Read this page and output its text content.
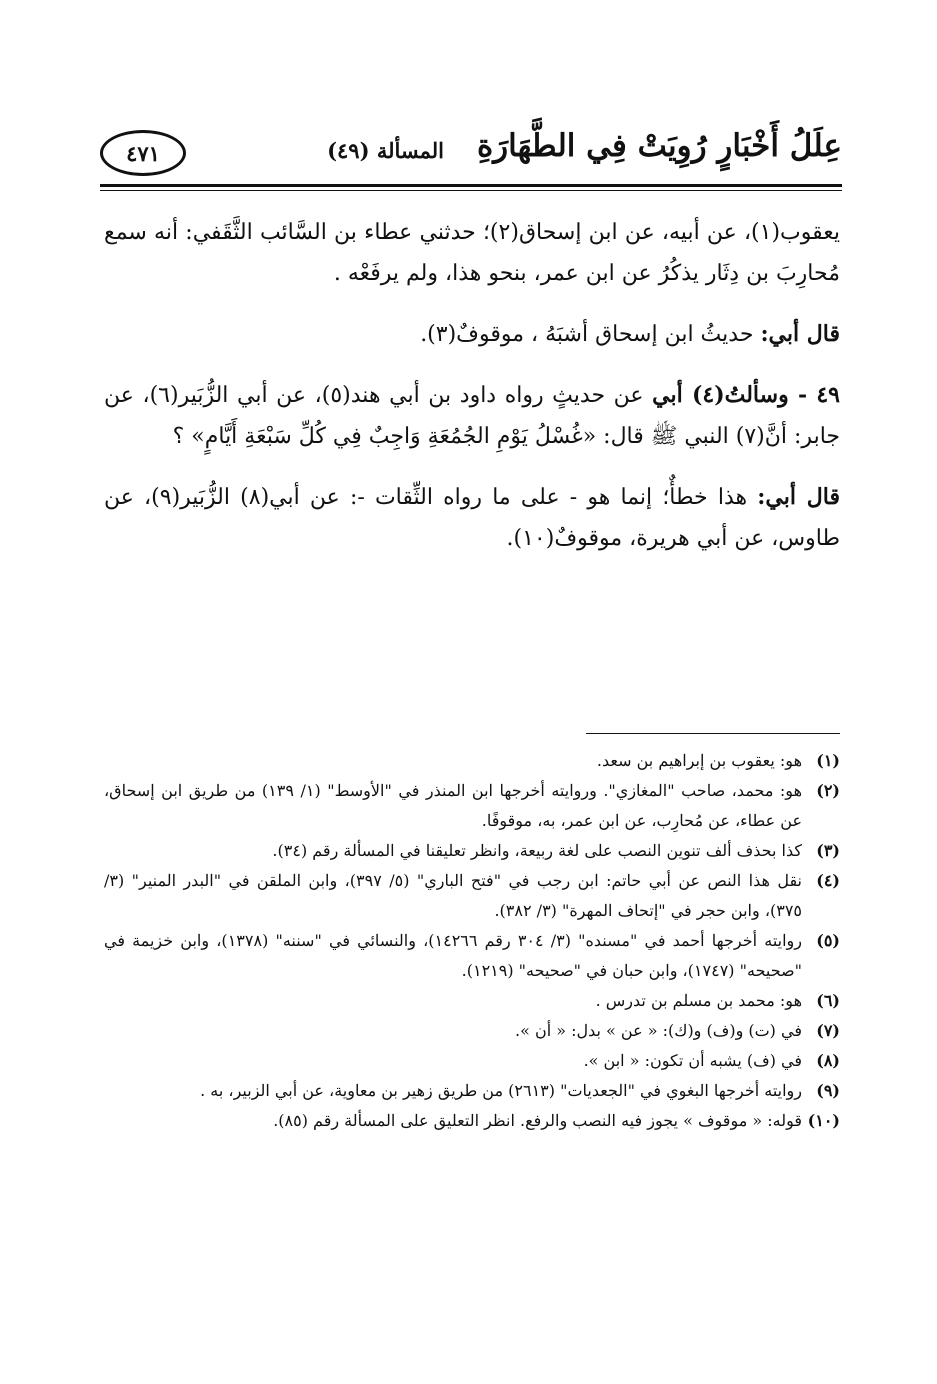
عِلَلُ أَخْبَارٍ رُوِيَتْ فِي الطَّهَارَةِ
المسألة (٤٩)
٤٧١

يعقوب(١)، عن أبيه، عن ابن إسحاق(٢)؛ حدثني عطاء بن السَّائب الثَّقَفي: أنه سمع مُحارِبَ بن دِثَار يذكُرُ عن ابن عمر، بنحو هذا، ولم يرفَعْه .

قال أبي: حديثُ ابن إسحاق أشبَهُ ، موقوفٌ(٣).

٤٩ - وسألتُ(٤) أبي عن حديثٍ رواه داود بن أبي هند(٥)، عن أبي الزُّبَير(٦)، عن جابر: أنَّ(٧) النبي ﷺ قال: «غُسْلُ يَوْمِ الجُمُعَةِ وَاجِبٌ فِي كُلِّ سَبْعَةِ أَيَّامٍ» ؟

قال أبي: هذا خطأٌ؛ إنما هو - على ما رواه الثِّقات -: عن أبي(٨) الزُّبَير(٩)، عن طاوس، عن أبي هريرة، موقوفٌ(١٠).

(١)
هو: يعقوب بن إبراهيم بن سعد.
(٢)
هو: محمد، صاحب "المغازي". وروايته أخرجها ابن المنذر في "الأوسط" (١/ ١٣٩) من طريق ابن إسحاق، عن عطاء، عن مُحارِب، عن ابن عمر، به، موقوفًا.
(٣)
كذا بحذف ألف تنوين النصب على لغة ربيعة، وانظر تعليقنا في المسألة رقم (٣٤).
(٤)
نقل هذا النص عن أبي حاتم: ابن رجب في "فتح الباري" (٥/ ٣٩٧)، وابن الملقن في "البدر المنير" (٣/ ٣٧٥)، وابن حجر في "إتحاف المهرة" (٣/ ٣٨٢).
(٥)
روايته أخرجها أحمد في "مسنده" (٣/ ٣٠٤ رقم ١٤٢٦٦)، والنسائي في "سننه" (١٣٧٨)، وابن خزيمة في "صحيحه" (١٧٤٧)، وابن حبان في "صحيحه" (١٢١٩).
(٦)
هو: محمد بن مسلم بن تدرس .
(٧)
في (ت) و(ف) و(ك): « عن » بدل: « أن ».
(٨)
في (ف) يشبه أن تكون: « ابن ».
(٩)
روايته أخرجها البغوي في "الجعديات" (٢٦١٣) من طريق زهير بن معاوية، عن أبي الزبير، به .
(١٠)
قوله: « موقوف » يجوز فيه النصب والرفع. انظر التعليق على المسألة رقم (٨٥).
